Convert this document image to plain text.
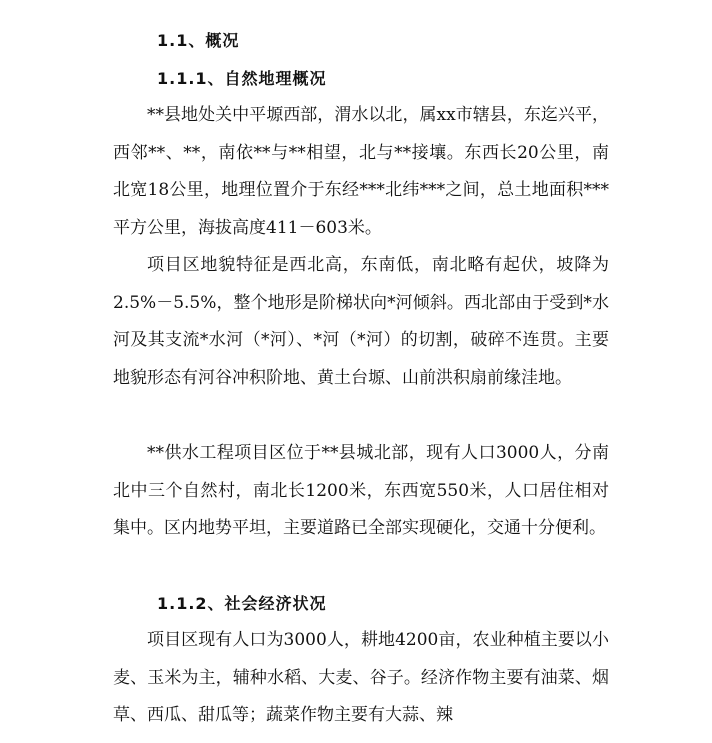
1.1、概况
1.1.1、自然地理概况

**县地处关中平塬西部，渭水以北，属xx市辖县，东迄兴平，西邻**、**，南依**与**相望，北与**接壤。东西长20公里，南北宽18公里，地理位置介于东经***北纬***之间，总土地面积***平方公里，海拔高度411－603米。

项目区地貌特征是西北高，东南低，南北略有起伏，坡降为2.5%－5.5%，整个地形是阶梯状向*河倾斜。西北部由于受到*水河及其支流*水河（*河）、*河（*河）的切割，破碎不连贯。主要地貌形态有河谷冲积阶地、黄土台塬、山前洪积扇前缘洼地。

**供水工程项目区位于**县城北部，现有人口3000人，分南北中三个自然村，南北长1200米，东西宽550米，人口居住相对集中。区内地势平坦，主要道路已全部实现硬化，交通十分便利。

1.1.2、社会经济状况

项目区现有人口为3000人，耕地4200亩，农业种植主要以小麦、玉米为主，辅种水稻、大麦、谷子。经济作物主要有油菜、烟草、西瓜、甜瓜等；蔬菜作物主要有大蒜、辣
